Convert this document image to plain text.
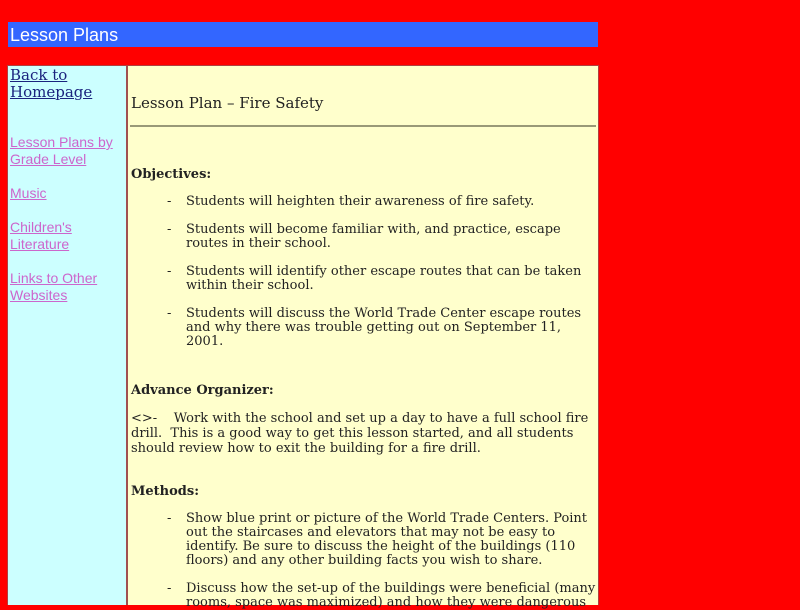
Lesson Plans
Back to Homepage
Lesson Plans by Grade Level
Music
Children's Literature
Links to Other Websites
Lesson Plan – Fire Safety
Objectives:
- Students will heighten their awareness of fire safety.
- Students will become familiar with, and practice, escape routes in their school.
- Students will identify other escape routes that can be taken within their school.
- Students will discuss the World Trade Center escape routes and why there was trouble getting out on September 11, 2001.
Advance Organizer:

<>-    Work with the school and set up a day to have a full school fire drill.  This is a good way to get this lesson started, and all students should review how to exit the building for a fire drill.

Methods:
- Show blue print or picture of the World Trade Centers. Point out the staircases and elevators that may not be easy to identify. Be sure to discuss the height of the buildings (110 floors) and any other building facts you wish to share.
- Discuss how the set-up of the buildings were beneficial (many rooms, space was maximized) and how they were dangerous
